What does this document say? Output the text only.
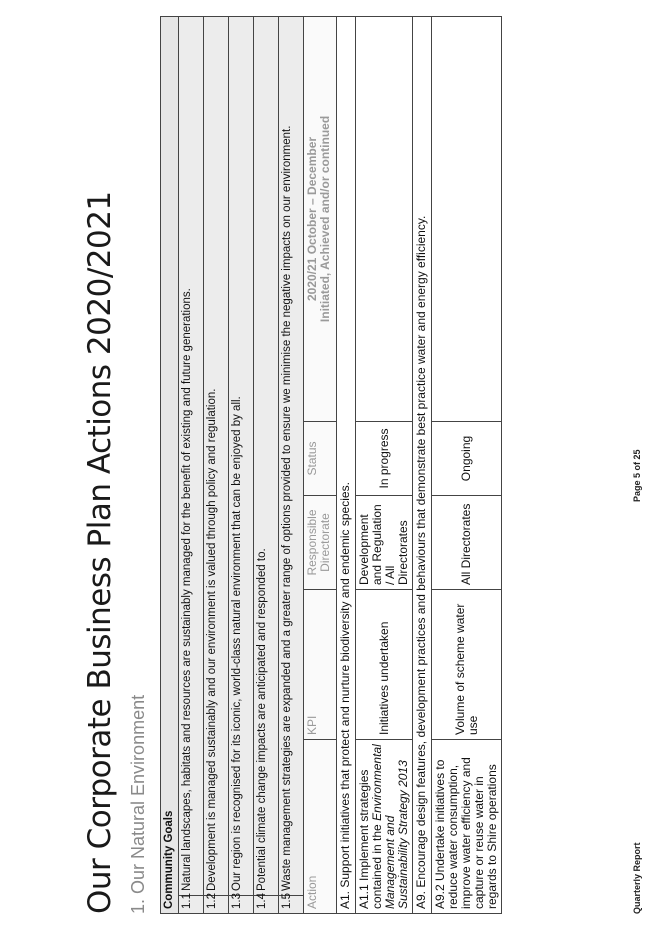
Our Corporate Business Plan Actions 2020/2021 1. Our Natural Environment Community Goals					
1.1	Natural landscapes, habitats and resources are sustainably managed for the benefit of existing and future generations.				
1.2	Development is managed sustainably and our environment is valued through policy and regulation.				
1.3	Our region is recognised for its iconic, world-class natural environment that can be enjoyed by all.				
1.4	Potential climate change impacts are anticipated and responded to.				
1.5	Waste management strategies are expanded and a greater range of options provided to ensure we minimise the negative impacts on our environment.				
Action		KPI	Responsible Directorate	Status	2020/21 October – December Initiated, Achieved and/or continued

A1. Support initiatives that protect and nurture biodiversity and endemic species.					
A1.1 Implement strategies contained in the Environmental Management and Sustainability Strategy 2013		Initiatives undertaken	Development and Regulation / All Directorates	In progress	
A9. Encourage design features, development practices and behaviours that demonstrate best practice water and energy efficiency.					
A9.2 Undertake initiatives to reduce water consumption, improve water efficiency and capture or reuse water in regards to Shire operations		Volume of scheme water use	All Directorates	Ongoing	
Quarterly Report
Page 5 of 25
